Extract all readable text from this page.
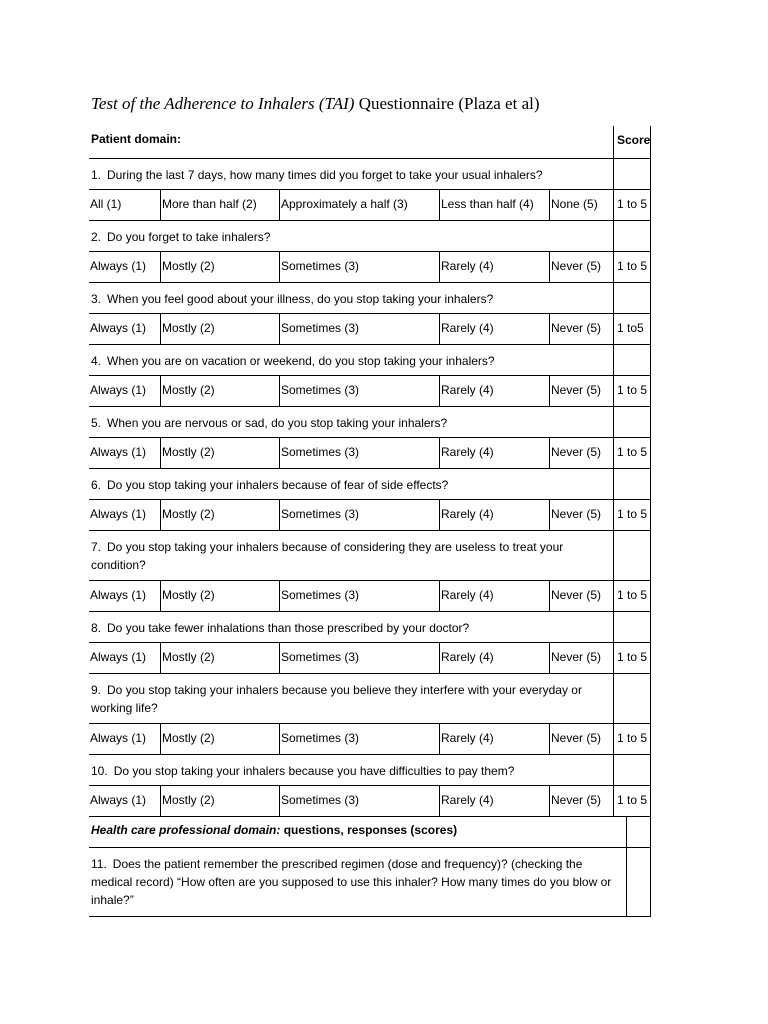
Test of the Adherence to Inhalers (TAI) Questionnaire (Plaza et al)
Patient domain:	Score
1. During the last 7 days, how many times did you forget to take your usual inhalers?
All (1)	More than half (2) Approximately a half (3)	Less than half (4) None (5) 1 to 5
2. Do you forget to take inhalers?
Always (1) Mostly (2)	Sometimes (3)	Rarely (4)	Never (5) 1 to 5
3. When you feel good about your illness, do you stop taking your inhalers?
Always (1) Mostly (2)	Sometimes (3)	Rarely (4)	Never (5) 1 to5
4. When you are on vacation or weekend, do you stop taking your inhalers?
Always (1) Mostly (2)	Sometimes (3)	Rarely (4)	Never (5) 1 to 5
5. When you are nervous or sad, do you stop taking your inhalers?
Always (1) Mostly (2)	Sometimes (3)	Rarely (4)	Never (5) 1 to 5
6. Do you stop taking your inhalers because of fear of side effects?
Always (1) Mostly (2)	Sometimes (3)	Rarely (4)	Never (5) 1 to 5
7. Do you stop taking your inhalers because of considering they are useless to treat your condition?
Always (1) Mostly (2)	Sometimes (3)	Rarely (4)	Never (5) 1 to 5
8. Do you take fewer inhalations than those prescribed by your doctor?
Always (1) Mostly (2)	Sometimes (3)	Rarely (4)	Never (5) 1 to 5
9. Do you stop taking your inhalers because you believe they interfere with your everyday or working life?
Always (1) Mostly (2)	Sometimes (3)	Rarely (4)	Never (5) 1 to 5
10. Do you stop taking your inhalers because you have difficulties to pay them?
Always (1) Mostly (2)	Sometimes (3)	Rarely (4)	Never (5) 1 to 5
Health care professional domain: questions, responses (scores)
11. Does the patient remember the prescribed regimen (dose and frequency)? (checking the medical record) “How often are you supposed to use this inhaler? How many times do you blow or inhale?”
